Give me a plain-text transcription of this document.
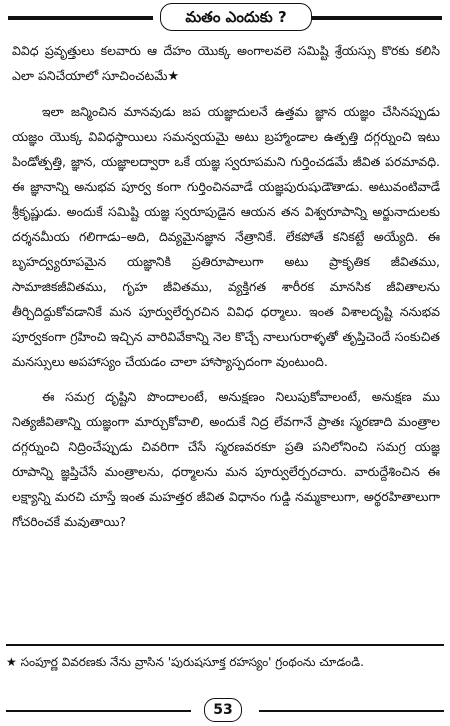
మతం ఎందుకు ?

వివిధ ప్రవృత్తులు కలవారు ఆ దేహం యొక్క అంగాలవలె సమిష్టి శ్రేయస్సు కొరకు కలిసి ఎలా పనిచేయాలో సూచించటమే★

ఇలా జన్మించిన మానవుడు జప యజ్ఞాదులనే ఉత్తమ జ్ఞాన యజ్ఞం చేసినప్పుడు యజ్ఞం యొక్క వివిధస్థాయిలు సమన్వయమై అటు బ్రహ్మాండాల ఉత్పత్తి దగ్గర్నుంచి ఇటు పిండోత్పత్తి, జ్ఞాన, యజ్ఞాలద్వారా ఒకే యజ్ఞ స్వరూపమని గుర్తించడమే జీవిత పరమావధి. ఈ జ్ఞానాన్ని అనుభవ పూర్వ కంగా గుర్తించినవాడే యజ్ఞపురుషుడౌతాడు. అటువంటివాడే శ్రీకృష్ణుడు. అందుకే సమిష్టి యజ్ఞ స్వరూపుడైన ఆయన తన విశ్వరూపాన్ని అర్జునాదులకు దర్శనమీయ గలిగాడు–అది, దివ్యమైనజ్ఞాన నేత్రానికే. లేకపోతే కనికట్టే అయ్యేది. ఈ బృహద్వ్యరూపమైన యజ్ఞానికి ప్రతిరూపాలుగా అటు ప్రాకృతిక జీవితము, సామాజికజీవితము, గృహ జీవితము, వ్యక్తిగత శారీరక మానసిక జీవితాలను తీర్చిదిద్దుకోవడానికే మన పూర్వులేర్పరచిన వివిధ ధర్మాలు. ఇంత విశాలదృష్టి ననుభవ పూర్వకంగా గ్రహించి ఇచ్చిన వారివివేకాన్ని నెల కొచ్చే నాలుగురాళ్ళతో తృప్తిచెందే సంకుచిత మనస్సులు అపహాస్యం చేయడం చాలా హాస్యాస్పదంగా వుంటుంది.

ఈ సమగ్ర దృష్టిని పొందాలంటే, అనుక్షణం నిలుపుకోవాలంటే, అనుక్షణ ము నిత్యజీవితాన్ని యజ్ఞంగా మార్చుకోవాలి, అందుకే నిద్ర లేవగానే ప్రాతః స్మరణాది మంత్రాల దగ్గర్నుంచి నిద్రించేప్పుడు చివరిగా చేసే స్మరణవరకూ ప్రతి పనిలోనించి సమగ్ర యజ్ఞ రూపాన్ని జ్ఞప్తిచేసే మంత్రాలను, ధర్మాలను మన పూర్వులేర్పరచారు. వారుద్దేశించిన ఈ లక్ష్యాన్ని మరచి చూస్తే ఇంత మహత్తర జీవిత విధానం గుడ్డి నమ్మకాలుగా, అర్థరహితాలుగా గోచరించకే మవుతాయి?

★ సంపూర్ణ వివరణకు నేను వ్రాసిన 'పురుషసూక్త రహస్యం' గ్రంథంను చూడండి.
53
